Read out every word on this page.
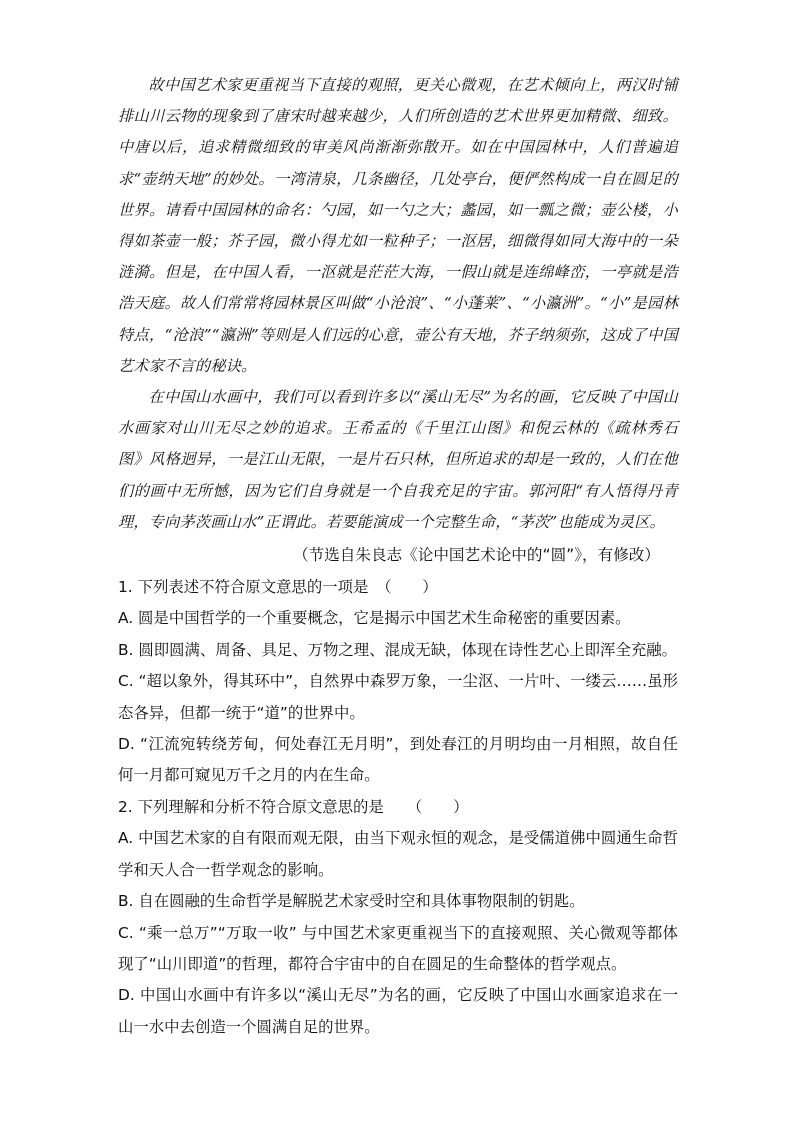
故中国艺术家更重视当下直接的观照，更关心微观，在艺术倾向上，两汉时铺排山川云物的现象到了唐宋时越来越少，人们所创造的艺术世界更加精微、细致。中唐以后，追求精微细致的审美风尚渐渐弥散开。如在中国园林中，人们普遍追求“壶纳天地”的妙处。一湾清泉，几条幽径，几处亭台，便俨然构成一自在圆足的世界。请看中国园林的命名：勺园，如一勺之大；蠡园，如一瓢之微；壶公楼，小得如茶壶一般；芥子园，微小得尤如一粒种子；一沤居，细微得如同大海中的一朵涟漪。但是，在中国人看，一沤就是茫茫大海，一假山就是连绵峰峦，一亭就是浩浩天庭。故人们常常将园林景区叫做“小沧浪”、“小蓬莱”、“小瀛洲”。“小”是园林特点，“沧浪”“瀛洲”等则是人们远的心意，壶公有天地，芥子纳须弥，这成了中国艺术家不言的秘诀。

在中国山水画中，我们可以看到许多以“溪山无尽”为名的画，它反映了中国山水画家对山川无尽之妙的追求。王希孟的《千里江山图》和倪云林的《疏林秀石图》风格迥异，一是江山无限，一是片石只林，但所追求的却是一致的，人们在他们的画中无所憾，因为它们自身就是一个自我充足的宇宙。郭河阳“有人悟得丹青理，专向茅茨画山水”正谓此。若要能演成一个完整生命，“茅茨”也能成为灵区。

（节选自朱良志《论中国艺术论中的“圆”》，有修改）

1. 下列表述不符合原文意思的一项是　（　　）

A. 圆是中国哲学的一个重要概念，它是揭示中国艺术生命秘密的重要因素。

B. 圆即圆满、周备、具足、万物之理、混成无缺，体现在诗性艺心上即浑全充融。

C. “超以象外，得其环中”，自然界中森罗万象，一尘沤、一片叶、一缕云……虽形态各异，但都一统于“道”的世界中。

D. “江流宛转绕芳甸，何处春江无月明”，到处春江的月明均由一月相照，故自任何一月都可窥见万千之月的内在生命。

2. 下列理解和分析不符合原文意思的是　　（　　）

A. 中国艺术家的自有限而观无限，由当下观永恒的观念，是受儒道佛中圆通生命哲学和天人合一哲学观念的影响。

B. 自在圆融的生命哲学是解脱艺术家受时空和具体事物限制的钥匙。

C. “乘一总万”“万取一收” 与中国艺术家更重视当下的直接观照、关心微观等都体现了“山川即道”的哲理，都符合宇宙中的自在圆足的生命整体的哲学观点。

D. 中国山水画中有许多以“溪山无尽”为名的画，它反映了中国山水画家追求在一山一水中去创造一个圆满自足的世界。
